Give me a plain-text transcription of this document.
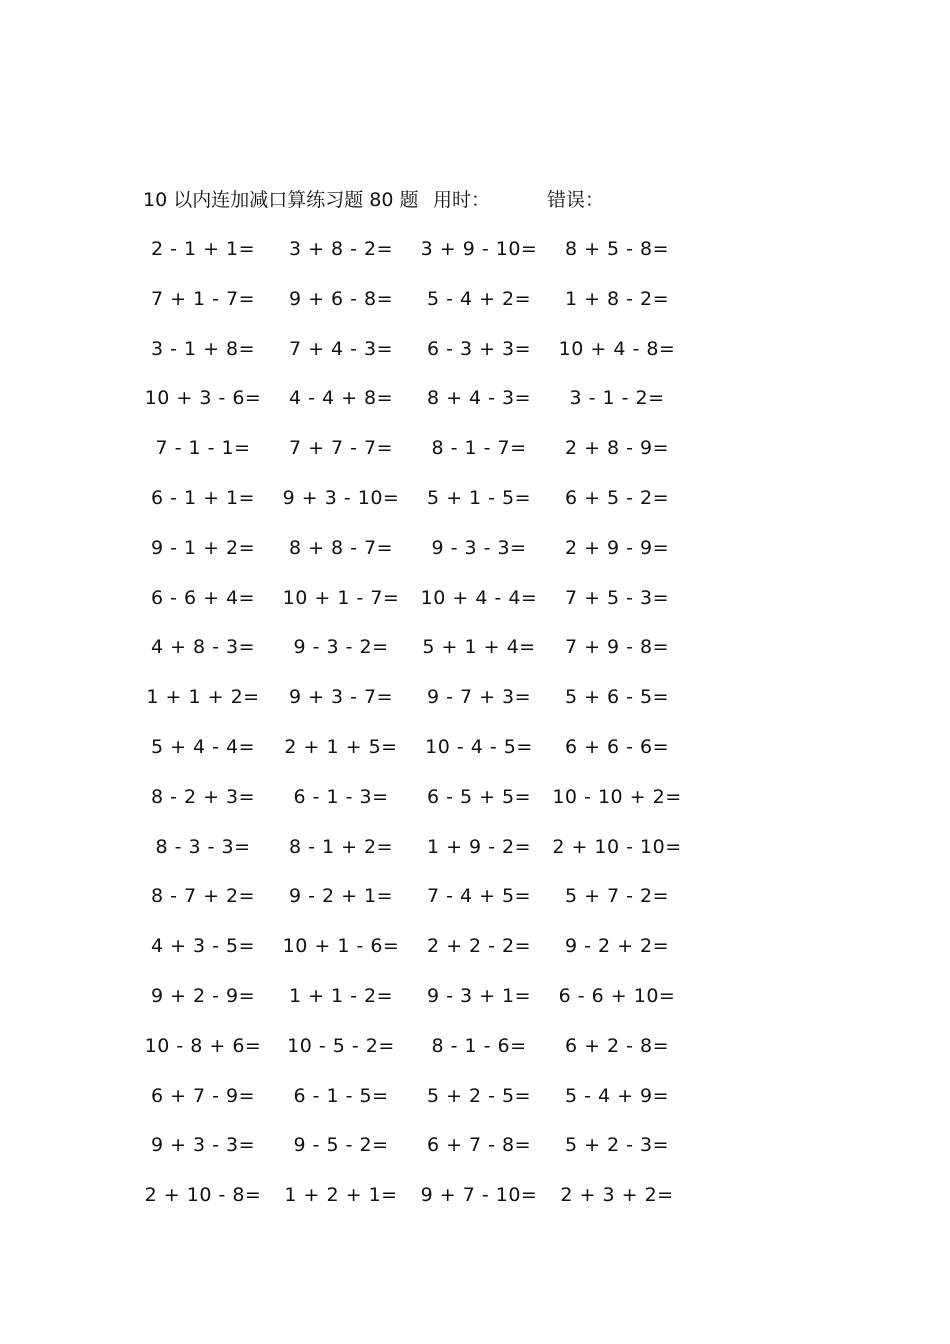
10 以内连加减口算练习题 80 题 用时：	错误：
2 - 1 + 1=	3 + 8 - 2=	3 + 9 - 10=	8 + 5 - 8=
7 + 1 - 7=	9 + 6 - 8=	5 - 4 + 2=	1 + 8 - 2=
3 - 1 + 8=	7 + 4 - 3=	6 - 3 + 3=	10 + 4 - 8=
10 + 3 - 6=	4 - 4 + 8=	8 + 4 - 3=	3 - 1 - 2=
7 - 1 - 1=	7 + 7 - 7=	8 - 1 - 7=	2 + 8 - 9=
6 - 1 + 1=	9 + 3 - 10=	5 + 1 - 5=	6 + 5 - 2=
9 - 1 + 2=	8 + 8 - 7=	9 - 3 - 3=	2 + 9 - 9=
6 - 6 + 4=	10 + 1 - 7=	10 + 4 - 4=	7 + 5 - 3=
4 + 8 - 3=	9 - 3 - 2=	5 + 1 + 4=	7 + 9 - 8=
1 + 1 + 2=	9 + 3 - 7=	9 - 7 + 3=	5 + 6 - 5=
5 + 4 - 4=	2 + 1 + 5=	10 - 4 - 5=	6 + 6 - 6=
8 - 2 + 3=	6 - 1 - 3=	6 - 5 + 5=	10 - 10 + 2=
8 - 3 - 3=	8 - 1 + 2=	1 + 9 - 2=	2 + 10 - 10=
8 - 7 + 2=	9 - 2 + 1=	7 - 4 + 5=	5 + 7 - 2=
4 + 3 - 5=	10 + 1 - 6=	2 + 2 - 2=	9 - 2 + 2=
9 + 2 - 9=	1 + 1 - 2=	9 - 3 + 1=	6 - 6 + 10=
10 - 8 + 6=	10 - 5 - 2=	8 - 1 - 6=	6 + 2 - 8=
6 + 7 - 9=	6 - 1 - 5=	5 + 2 - 5=	5 - 4 + 9=
9 + 3 - 3=	9 - 5 - 2=	6 + 7 - 8=	5 + 2 - 3=
2 + 10 - 8=	1 + 2 + 1=	9 + 7 - 10=	2 + 3 + 2=
